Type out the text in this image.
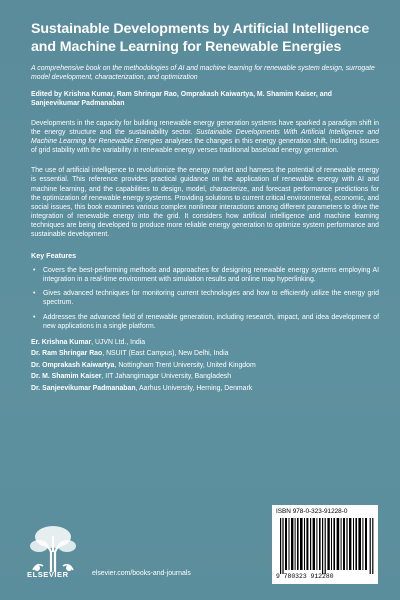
Sustainable Developments by Artificial Intelligence and Machine Learning for Renewable Energies
A comprehensive book on the methodologies of AI and machine learning for renewable system design, surrogate model development, characterization, and optimization
Edited by Krishna Kumar, Ram Shringar Rao, Omprakash Kaiwartya, M. Shamim Kaiser, and Sanjeevikumar Padmanaban
Developments in the capacity for building renewable energy generation systems have sparked a paradigm shift in the energy structure and the sustainability sector. Sustainable Developments With Artificial Intelligence and Machine Learning for Renewable Energies analyses the changes in this energy generation shift, including issues of grid stability with the variability in renewable energy verses traditional baseload energy generation.
The use of artificial intelligence to revolutionize the energy market and harness the potential of renewable energy is essential. This reference provides practical guidance on the application of renewable energy with AI and machine learning, and the capabilities to design, model, characterize, and forecast performance predictions for the optimization of renewable energy systems. Providing solutions to current critical environmental, economic, and social issues, this book examines various complex nonlinear interactions among different parameters to drive the integration of renewable energy into the grid. It considers how artificial intelligence and machine learning techniques are being developed to produce more reliable energy generation to optimize system performance and sustainable development.
Key Features
• Covers the best-performing methods and approaches for designing renewable energy systems employing AI integration in a real-time environment with simulation results and online map hyperlinking.
• Gives advanced techniques for monitoring current technologies and how to efficiently utilize the energy grid spectrum.
• Addresses the advanced field of renewable generation, including research, impact, and idea development of new applications in a single platform.
Er. Krishna Kumar, UJVN Ltd., India
Dr. Ram Shringar Rao, NSUIT (East Campus), New Delhi, India
Dr. Omprakash Kaiwartya, Nottingham Trent University, United Kingdom
Dr. M. Shamim Kaiser, IIT Jahangirnagar University, Bangladesh
Dr. Sanjeevikumar Padmanaban, Aarhus University, Herning, Denmark
ELSEVIER	elsevier.com/books-and-journals
ISBN 978-0-323-91228-0
9 780323 912280
